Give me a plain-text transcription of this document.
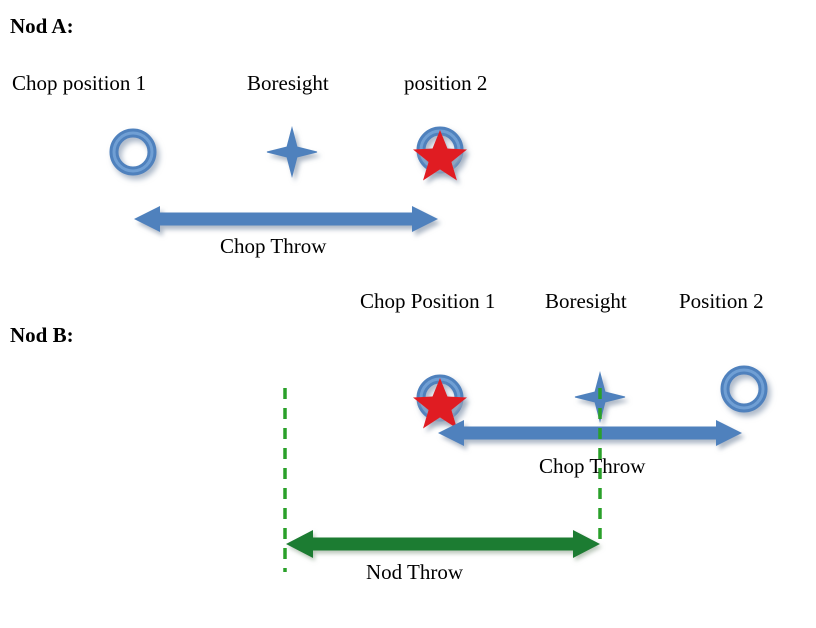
Nod A:
Chop position 1	Boresight	position 2
Chop Throw
Chop Position 1 Boresight Position 2
Nod B:
Chop Throw
Nod Throw
